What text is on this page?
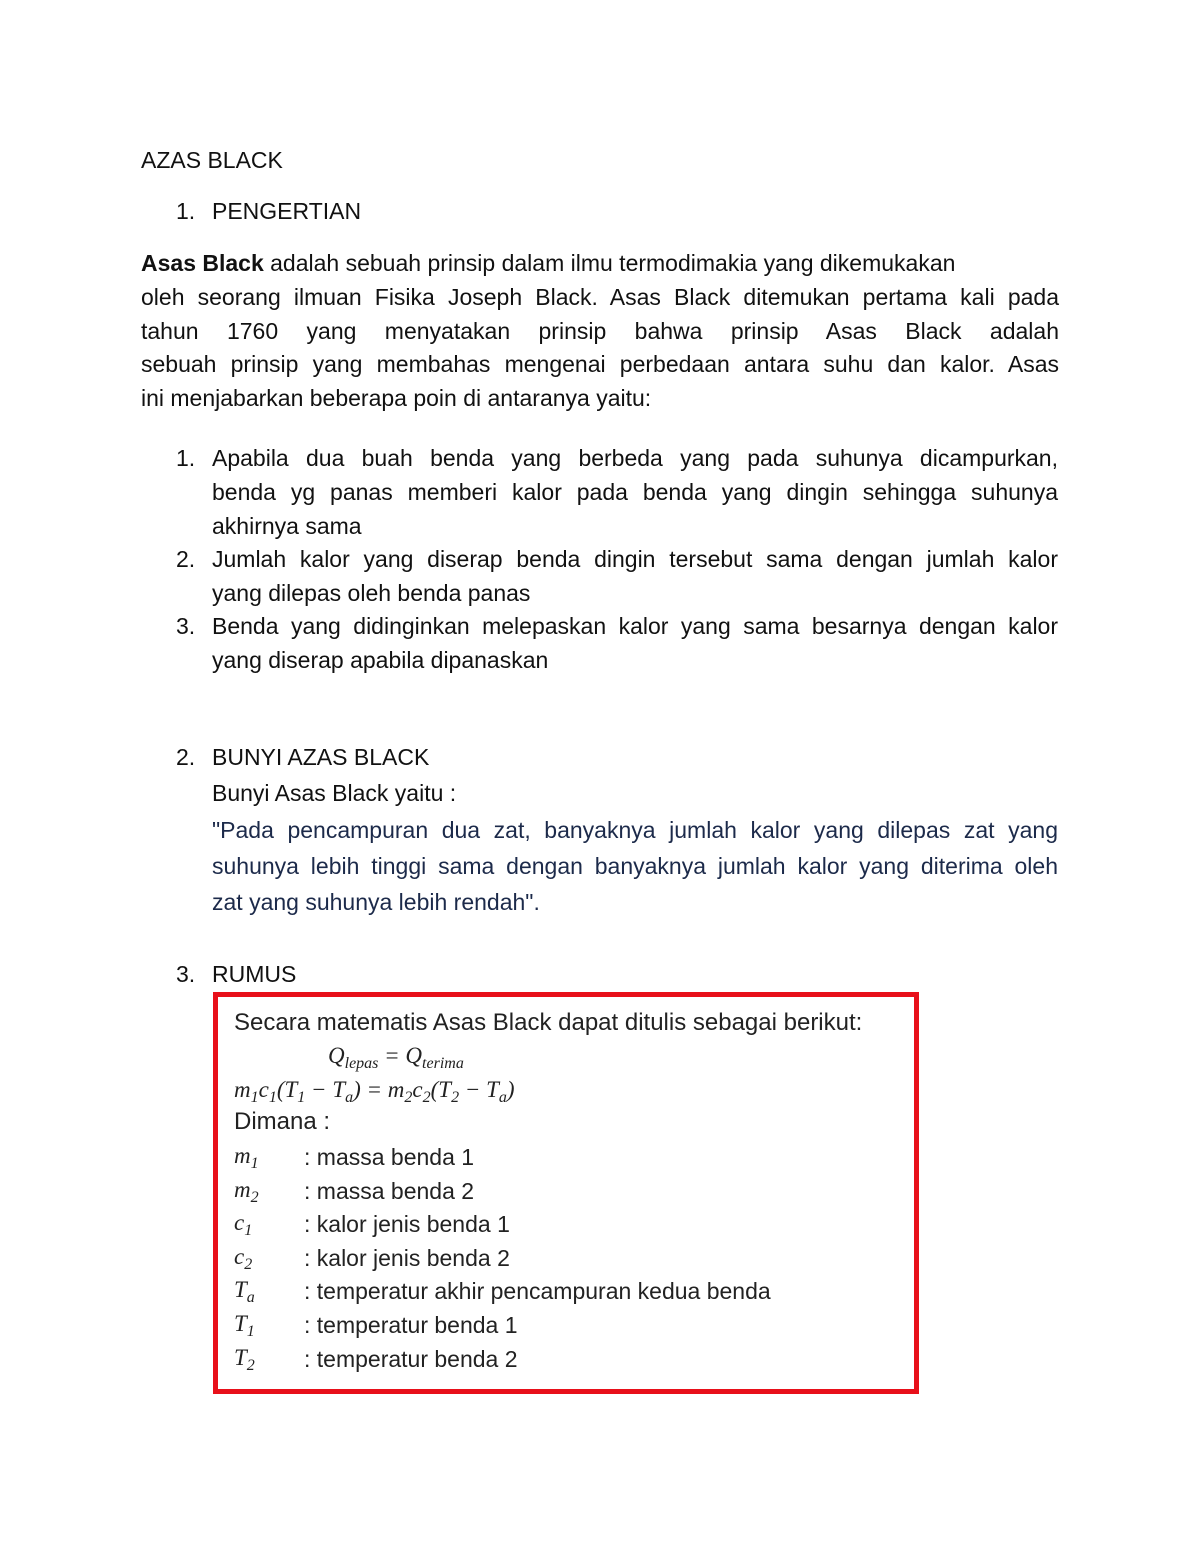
AZAS BLACK
1. PENGERTIAN
Asas Black adalah sebuah prinsip dalam ilmu termodimakia yang dikemukakan
oleh seorang ilmuan Fisika Joseph Black. Asas Black ditemukan pertama kali pada
tahun 1760 yang menyatakan prinsip bahwa prinsip Asas Black adalah
sebuah prinsip yang membahas mengenai perbedaan antara suhu dan kalor. Asas
ini menjabarkan beberapa poin di antaranya yaitu:
1. Apabila dua buah benda yang berbeda yang pada suhunya dicampurkan,
benda yg panas memberi kalor pada benda yang dingin sehingga suhunya
akhirnya sama
2. Jumlah kalor yang diserap benda dingin tersebut sama dengan jumlah kalor
yang dilepas oleh benda panas
3. Benda yang didinginkan melepaskan kalor yang sama besarnya dengan kalor
yang diserap apabila dipanaskan
2. BUNYI AZAS BLACK
Bunyi Asas Black yaitu :
"Pada pencampuran dua zat, banyaknya jumlah kalor yang dilepas zat yang
suhunya lebih tinggi sama dengan banyaknya jumlah kalor yang diterima oleh
zat yang suhunya lebih rendah".
3. RUMUS
Secara matematis Asas Black dapat ditulis sebagai berikut:
$Q_{lepas} = Q_{terima}$
$m_1c_1(T_1 - T_a) = m_2c_2(T_2 - T_a)$
Dimana :
$m_1$ : massa benda 1
$m_2$ : massa benda 2
$c_1$ : kalor jenis benda 1
$c_2$ : kalor jenis benda 2
$T_a$ : temperatur akhir pencampuran kedua benda
$T_1$ : temperatur benda 1
$T_2$ : temperatur benda 2
